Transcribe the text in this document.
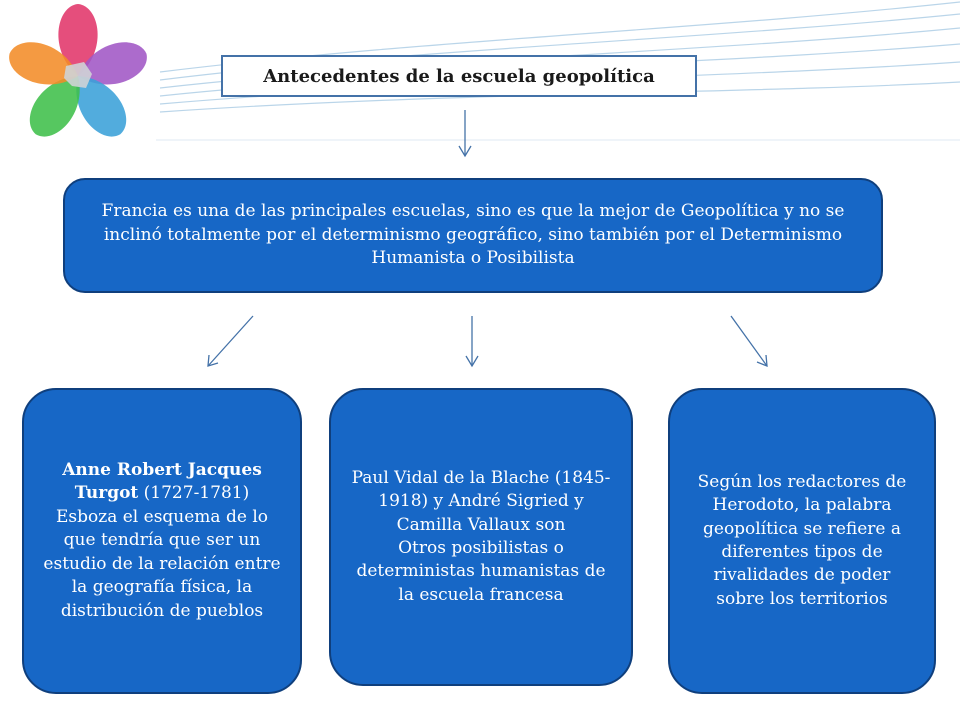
Antecedentes de la escuela geopolítica
Francia es una de las principales escuelas, sino es que la mejor de Geopolítica y no se inclinó totalmente por el determinismo geográfico, sino también por el Determinismo Humanista o Posibilista
Anne Robert Jacques Turgot (1727-1781)
Esboza el esquema de lo que tendría que ser un estudio de la relación entre la geografía física, la distribución de pueblos
Paul Vidal de la Blache (1845-1918) y André Sigried y Camilla Vallaux son
Otros posibilistas o deterministas humanistas de la escuela francesa
Según los redactores de Herodoto, la palabra geopolítica se refiere a diferentes tipos de rivalidades de poder sobre los territorios
